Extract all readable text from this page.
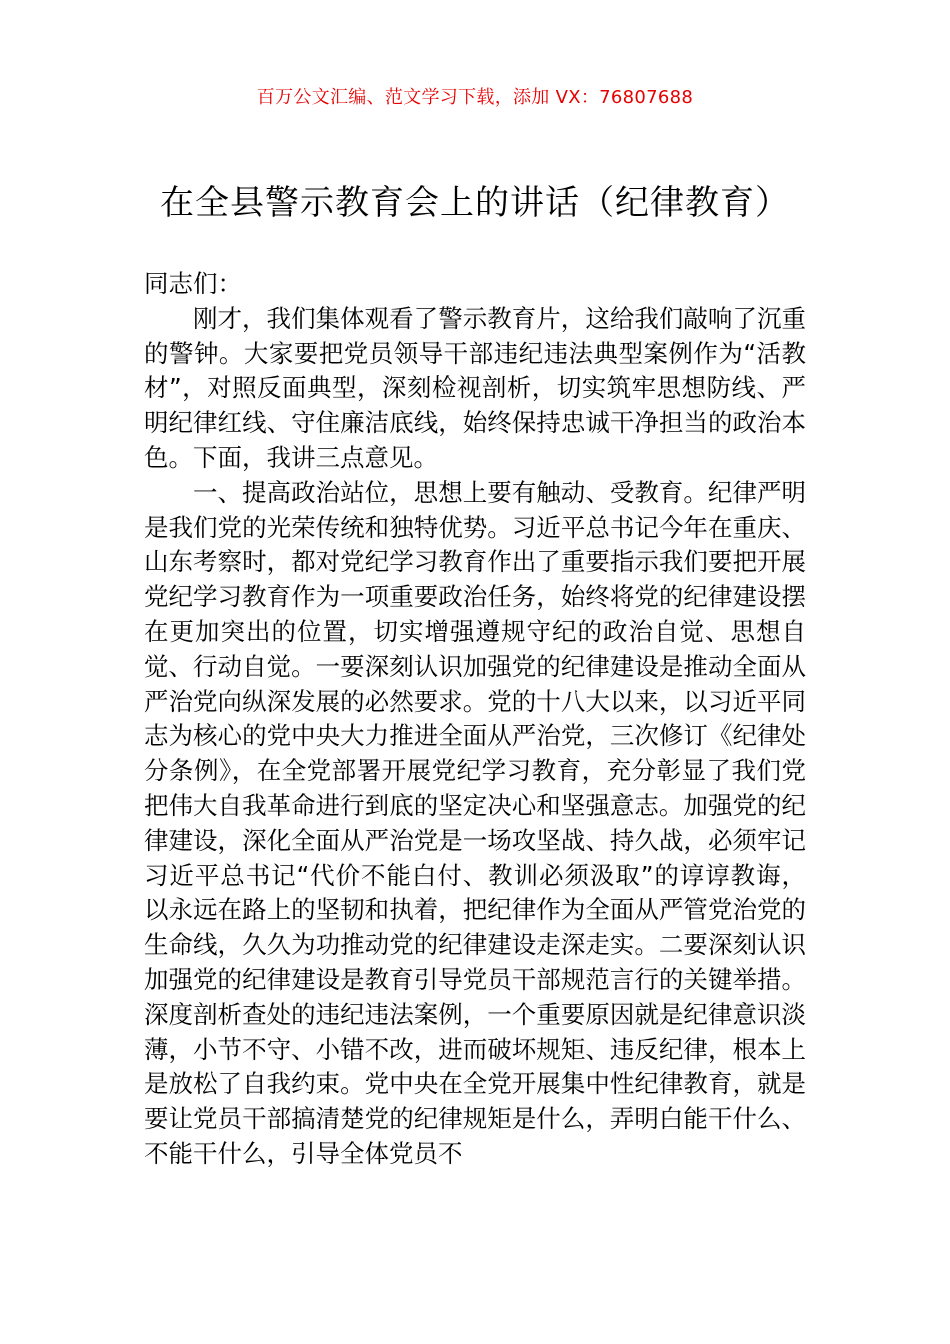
百万公文汇编、范文学习下载，添加 VX：76807688
在全县警示教育会上的讲话（纪律教育）

同志们：

刚才，我们集体观看了警示教育片，这给我们敲响了沉重的警钟。大家要把党员领导干部违纪违法典型案例作为“活教材”，对照反面典型，深刻检视剖析，切实筑牢思想防线、严明纪律红线、守住廉洁底线，始终保持忠诚干净担当的政治本色。下面，我讲三点意见。

一、提高政治站位，思想上要有触动、受教育。纪律严明是我们党的光荣传统和独特优势。习近平总书记今年在重庆、山东考察时，都对党纪学习教育作出了重要指示我们要把开展党纪学习教育作为一项重要政治任务，始终将党的纪律建设摆在更加突出的位置，切实增强遵规守纪的政治自觉、思想自觉、行动自觉。一要深刻认识加强党的纪律建设是推动全面从严治党向纵深发展的必然要求。党的十八大以来，以习近平同志为核心的党中央大力推进全面从严治党，三次修订《纪律处分条例》，在全党部署开展党纪学习教育，充分彰显了我们党把伟大自我革命进行到底的坚定决心和坚强意志。加强党的纪律建设，深化全面从严治党是一场攻坚战、持久战，必须牢记习近平总书记“代价不能白付、教训必须汲取”的谆谆教诲，以永远在路上的坚韧和执着，把纪律作为全面从严管党治党的生命线，久久为功推动党的纪律建设走深走实。二要深刻认识加强党的纪律建设是教育引导党员干部规范言行的关键举措。深度剖析查处的违纪违法案例，一个重要原因就是纪律意识淡薄，小节不守、小错不改，进而破坏规矩、违反纪律，根本上是放松了自我约束。党中央在全党开展集中性纪律教育，就是要让党员干部搞清楚党的纪律规矩是什么，弄明白能干什么、不能干什么，引导全体党员不
